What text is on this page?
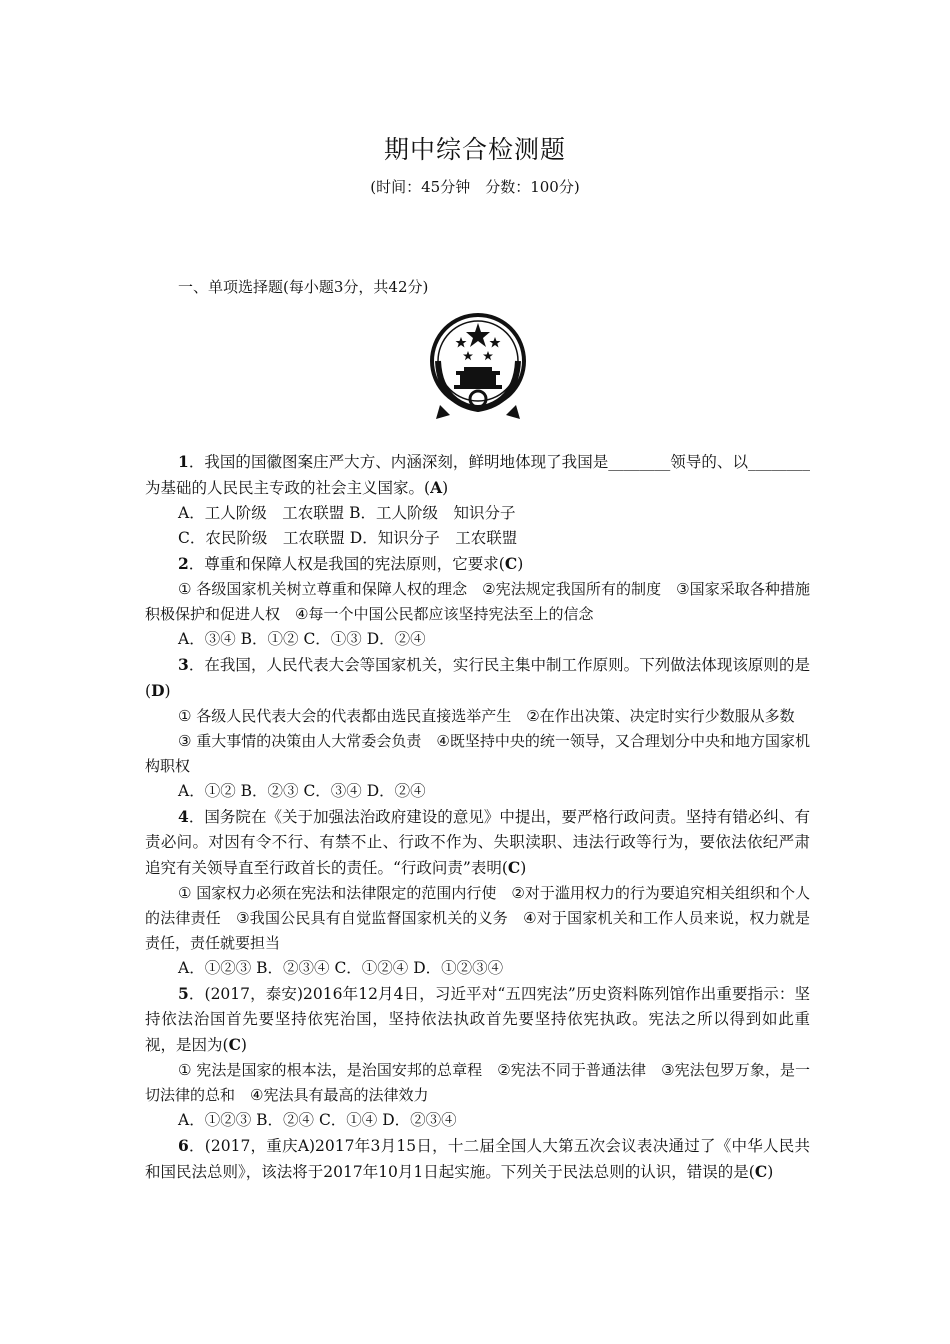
期中综合检测题
(时间：45分钟　分数：100分)
一、单项选择题(每小题3分，共42分)

1．我国的国徽图案庄严大方、内涵深刻，鲜明地体现了我国是________领导的、以________为基础的人民民主专政的社会主义国家。(A)

A．工人阶级　工农联盟 B．工人阶级　知识分子

C．农民阶级　工农联盟 D．知识分子　工农联盟

2．尊重和保障人权是我国的宪法原则，它要求(C)

① 各级国家机关树立尊重和保障人权的理念　②宪法规定我国所有的制度　③国家采取各种措施积极保护和促进人权　④每一个中国公民都应该坚持宪法至上的信念

A．③④ B．①② C．①③ D．②④

3．在我国，人民代表大会等国家机关，实行民主集中制工作原则。下列做法体现该原则的是(D)

① 各级人民代表大会的代表都由选民直接选举产生　②在作出决策、决定时实行少数服从多数

③ 重大事情的决策由人大常委会负责　④既坚持中央的统一领导，又合理划分中央和地方国家机构职权

A．①② B．②③ C．③④ D．②④

4．国务院在《关于加强法治政府建设的意见》中提出，要严格行政问责。坚持有错必纠、有责必问。对因有令不行、有禁不止、行政不作为、失职渎职、违法行政等行为，要依法依纪严肃追究有关领导直至行政首长的责任。“行政问责”表明(C)

① 国家权力必须在宪法和法律限定的范围内行使　②对于滥用权力的行为要追究相关组织和个人的法律责任　③我国公民具有自觉监督国家机关的义务　④对于国家机关和工作人员来说，权力就是责任，责任就要担当

A．①②③ B．②③④ C．①②④ D．①②③④

5．(2017，泰安)2016年12月4日，习近平对“五四宪法”历史资料陈列馆作出重要指示：坚持依法治国首先要坚持依宪治国，坚持依法执政首先要坚持依宪执政。宪法之所以得到如此重视，是因为(C)

① 宪法是国家的根本法，是治国安邦的总章程　②宪法不同于普通法律　③宪法包罗万象，是一切法律的总和　④宪法具有最高的法律效力

A．①②③ B．②④ C．①④ D．②③④

6．(2017，重庆A)2017年3月15日，十二届全国人大第五次会议表决通过了《中华人民共和国民法总则》，该法将于2017年10月1日起实施。下列关于民法总则的认识，错误的是(C)
